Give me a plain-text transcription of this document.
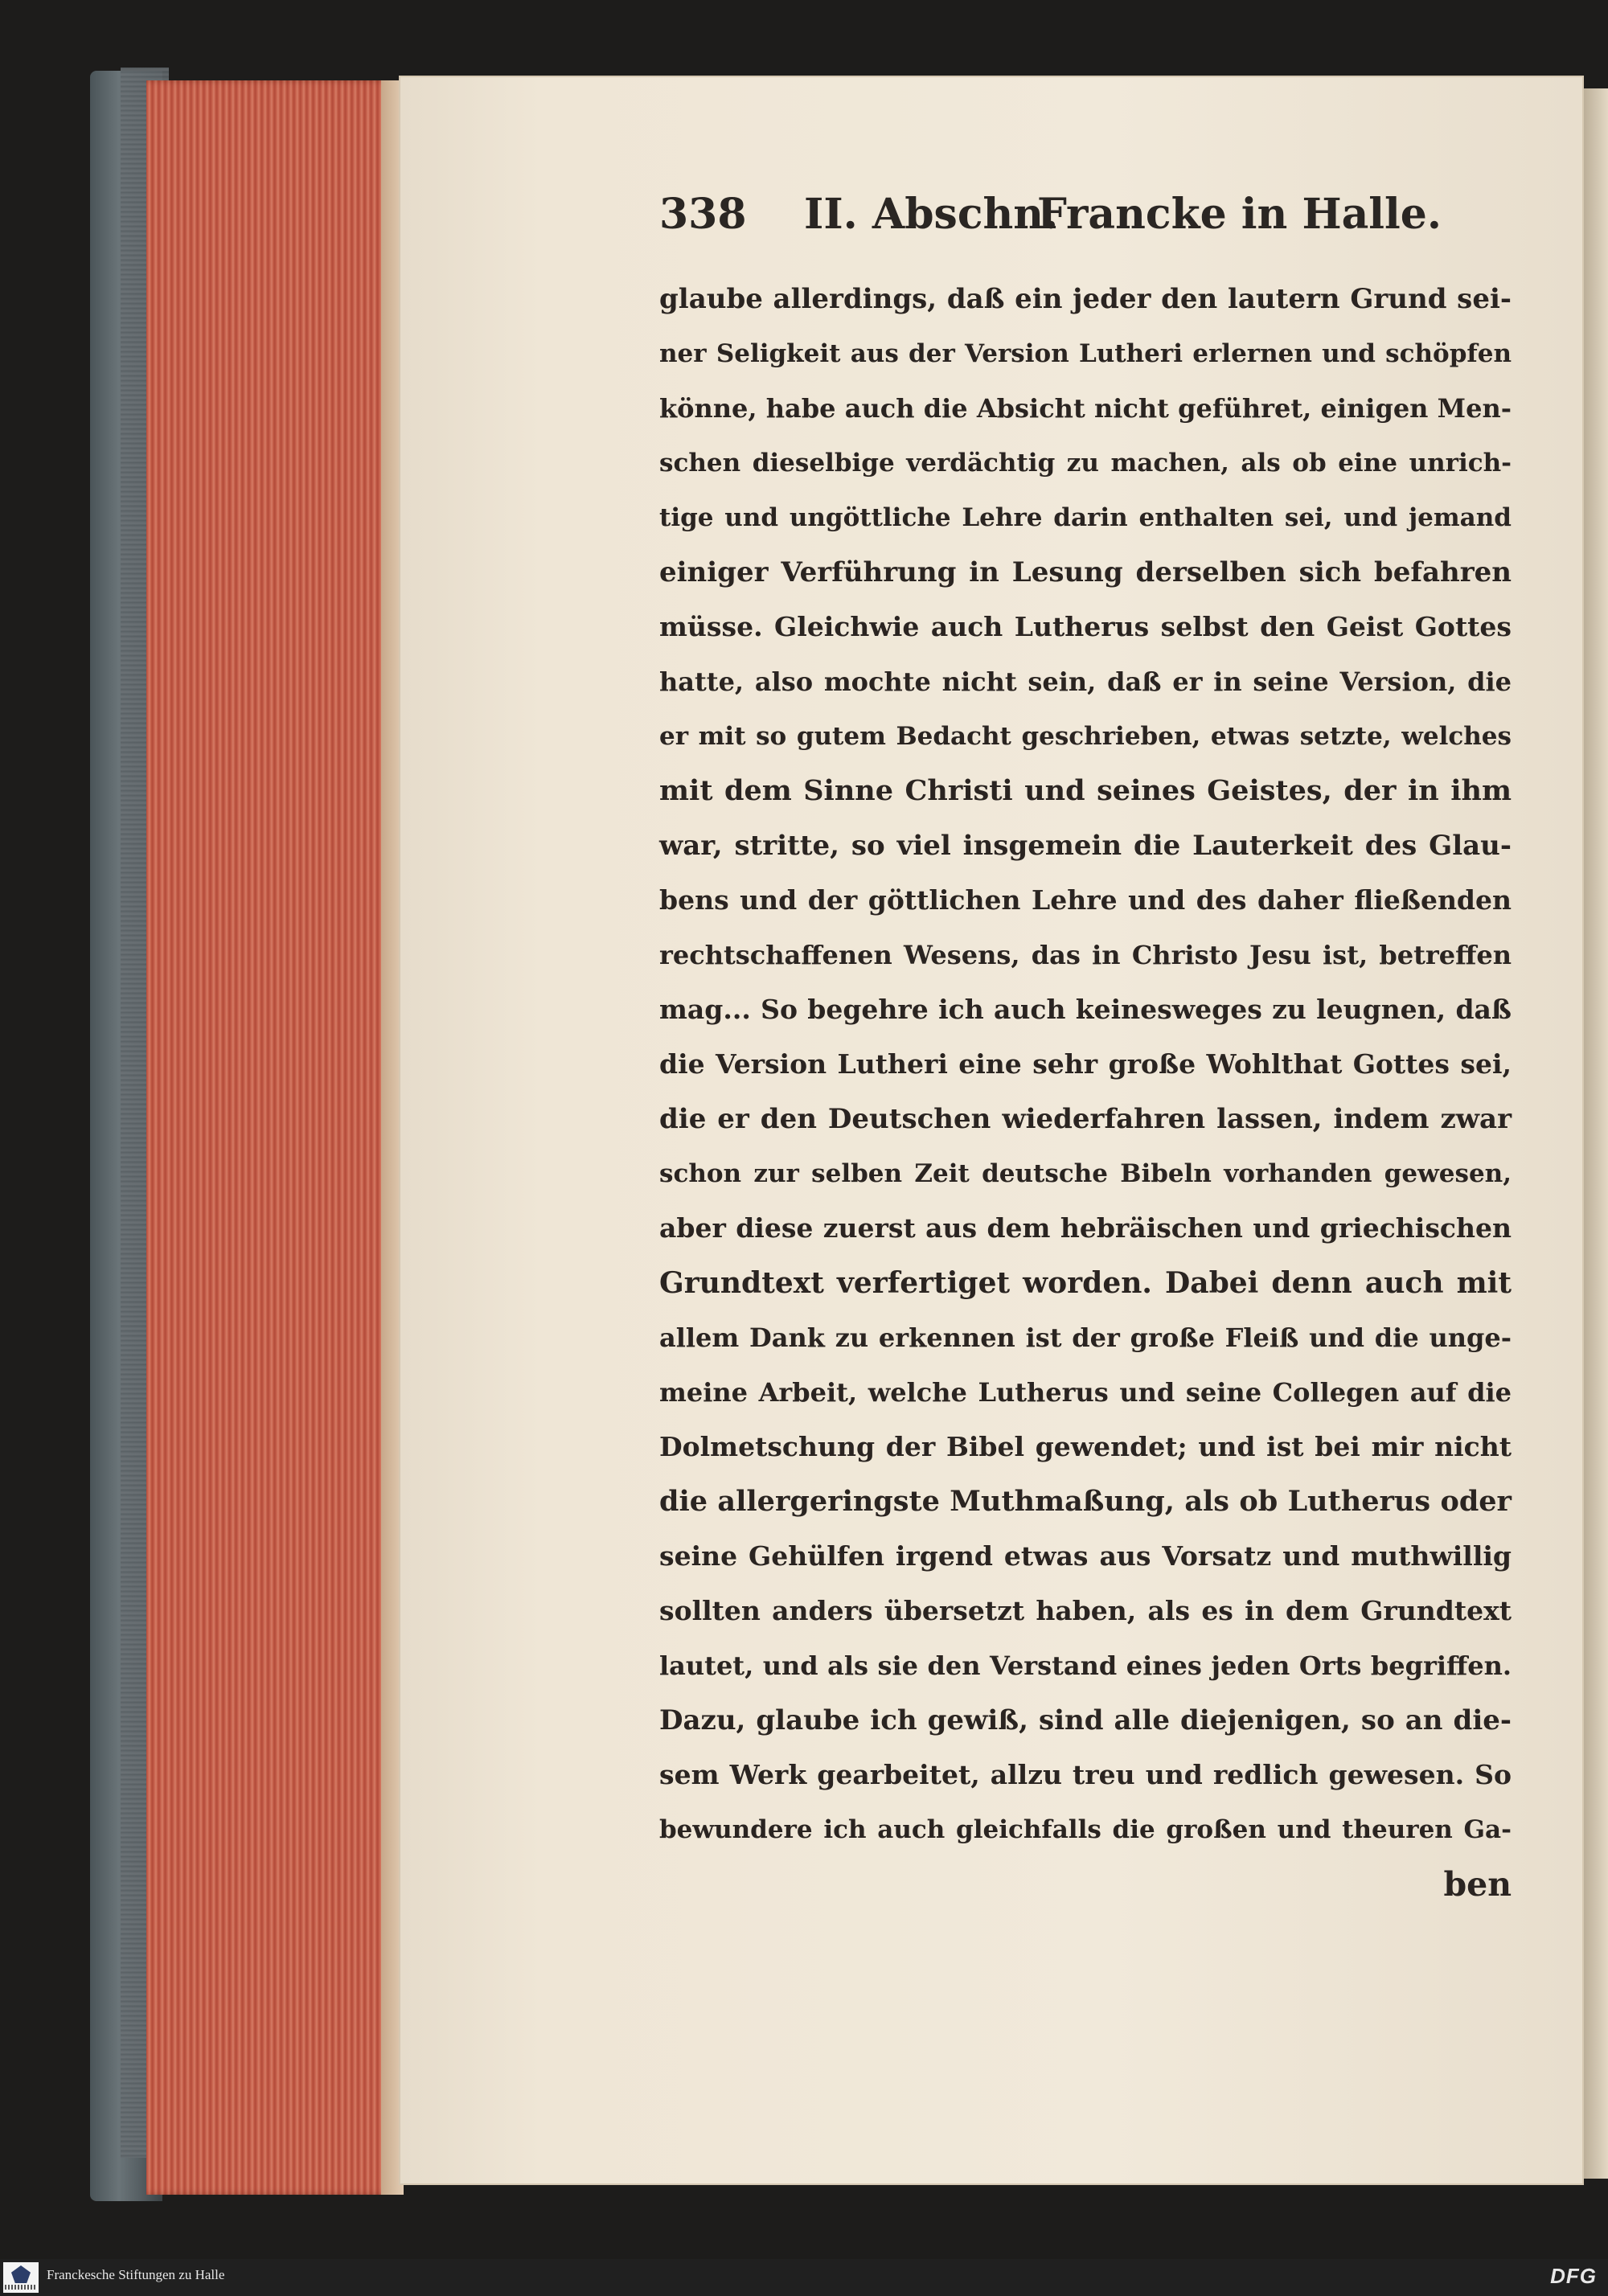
338 II. Abschn.
Francke in Halle.
glaube allerdings, daß ein jeder den lautern Grund sei-
ner Seligkeit aus der Version Lutheri erlernen und schöpfen
könne, habe auch die Absicht nicht geführet, einigen Men-
schen dieselbige verdächtig zu machen, als ob eine unrich-
tige und ungöttliche Lehre darin enthalten sei, und jemand
einiger Verführung in Lesung derselben sich befahren
müsse. Gleichwie auch Lutherus selbst den Geist Gottes
hatte, also mochte nicht sein, daß er in seine Version, die
er mit so gutem Bedacht geschrieben, etwas setzte, welches
mit dem Sinne Christi und seines Geistes, der in ihm
war, stritte, so viel insgemein die Lauterkeit des Glau-
bens und der göttlichen Lehre und des daher fließenden
rechtschaffenen Wesens, das in Christo Jesu ist, betreffen
mag... So begehre ich auch keinesweges zu leugnen, daß
die Version Lutheri eine sehr große Wohlthat Gottes sei,
die er den Deutschen wiederfahren lassen, indem zwar
schon zur selben Zeit deutsche Bibeln vorhanden gewesen,
aber diese zuerst aus dem hebräischen und griechischen
Grundtext verfertiget worden. Dabei denn auch mit
allem Dank zu erkennen ist der große Fleiß und die unge-
meine Arbeit, welche Lutherus und seine Collegen auf die
Dolmetschung der Bibel gewendet; und ist bei mir nicht
die allergeringste Muthmaßung, als ob Lutherus oder
seine Gehülfen irgend etwas aus Vorsatz und muthwillig
sollten anders übersetzt haben, als es in dem Grundtext
lautet, und als sie den Verstand eines jeden Orts begriffen.
Dazu, glaube ich gewiß, sind alle diejenigen, so an die-
sem Werk gearbeitet, allzu treu und redlich gewesen. So
bewundere ich auch gleichfalls die großen und theuren Ga-
ben
Franckesche Stiftungen zu Halle	DFG
